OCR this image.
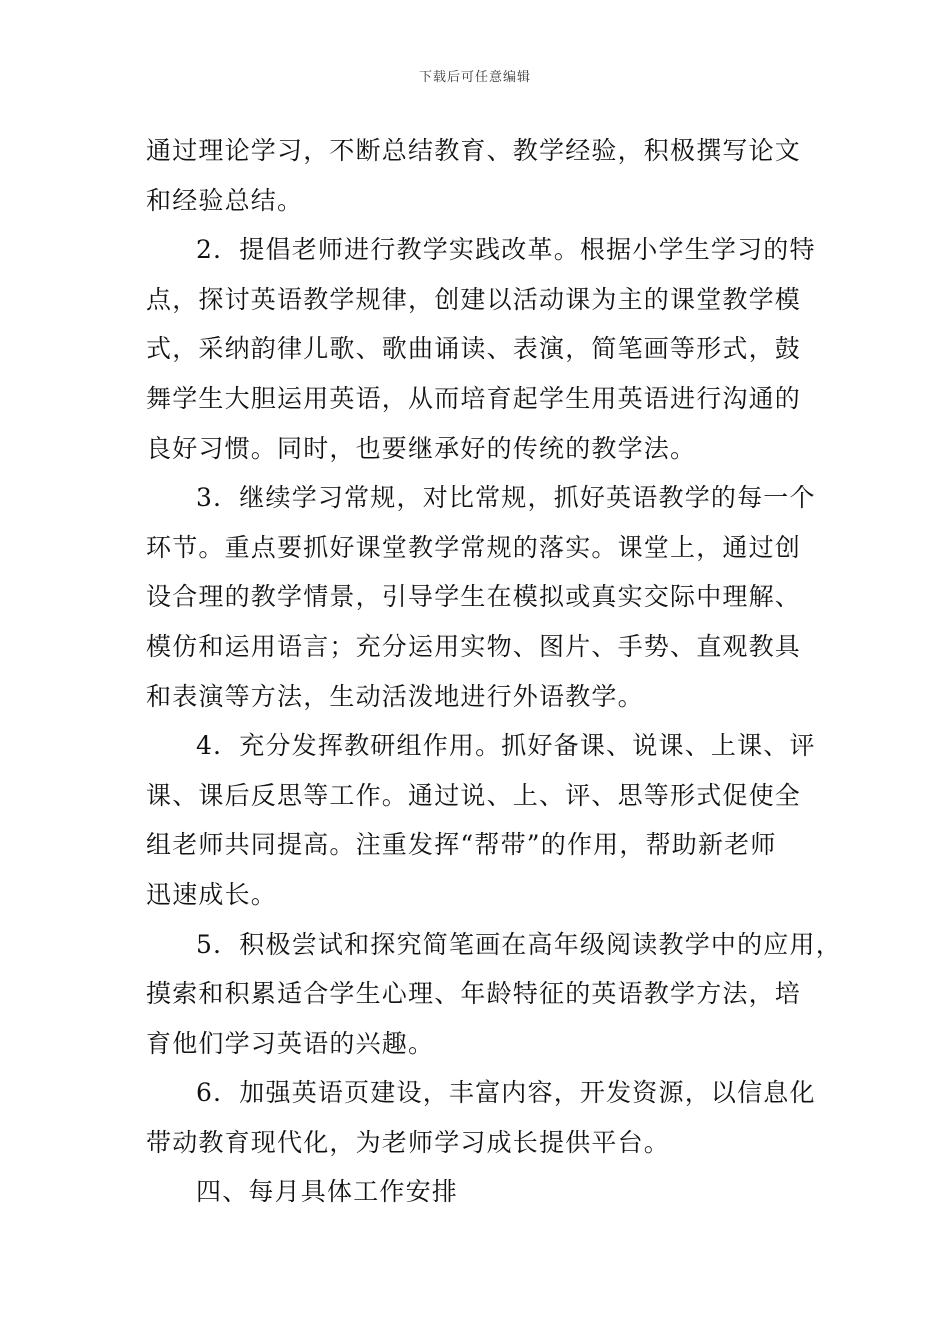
下载后可任意编辑
通过理论学习，不断总结教育、教学经验，积极撰写论文
和经验总结。
2．提倡老师进行教学实践改革。根据小学生学习的特
点，探讨英语教学规律，创建以活动课为主的课堂教学模
式，采纳韵律儿歌、歌曲诵读、表演，简笔画等形式，鼓
舞学生大胆运用英语，从而培育起学生用英语进行沟通的
良好习惯。同时，也要继承好的传统的教学法。
3．继续学习常规，对比常规，抓好英语教学的每一个
环节。重点要抓好课堂教学常规的落实。课堂上，通过创
设合理的教学情景，引导学生在模拟或真实交际中理解、
模仿和运用语言；充分运用实物、图片、手势、直观教具
和表演等方法，生动活泼地进行外语教学。
4．充分发挥教研组作用。抓好备课、说课、上课、评
课、课后反思等工作。通过说、上、评、思等形式促使全
组老师共同提高。注重发挥“帮带”的作用，帮助新老师
迅速成长。
5．积极尝试和探究简笔画在高年级阅读教学中的应用，
摸索和积累适合学生心理、年龄特征的英语教学方法，培
育他们学习英语的兴趣。
6．加强英语页建设，丰富内容，开发资源，以信息化
带动教育现代化，为老师学习成长提供平台。
四、每月具体工作安排
